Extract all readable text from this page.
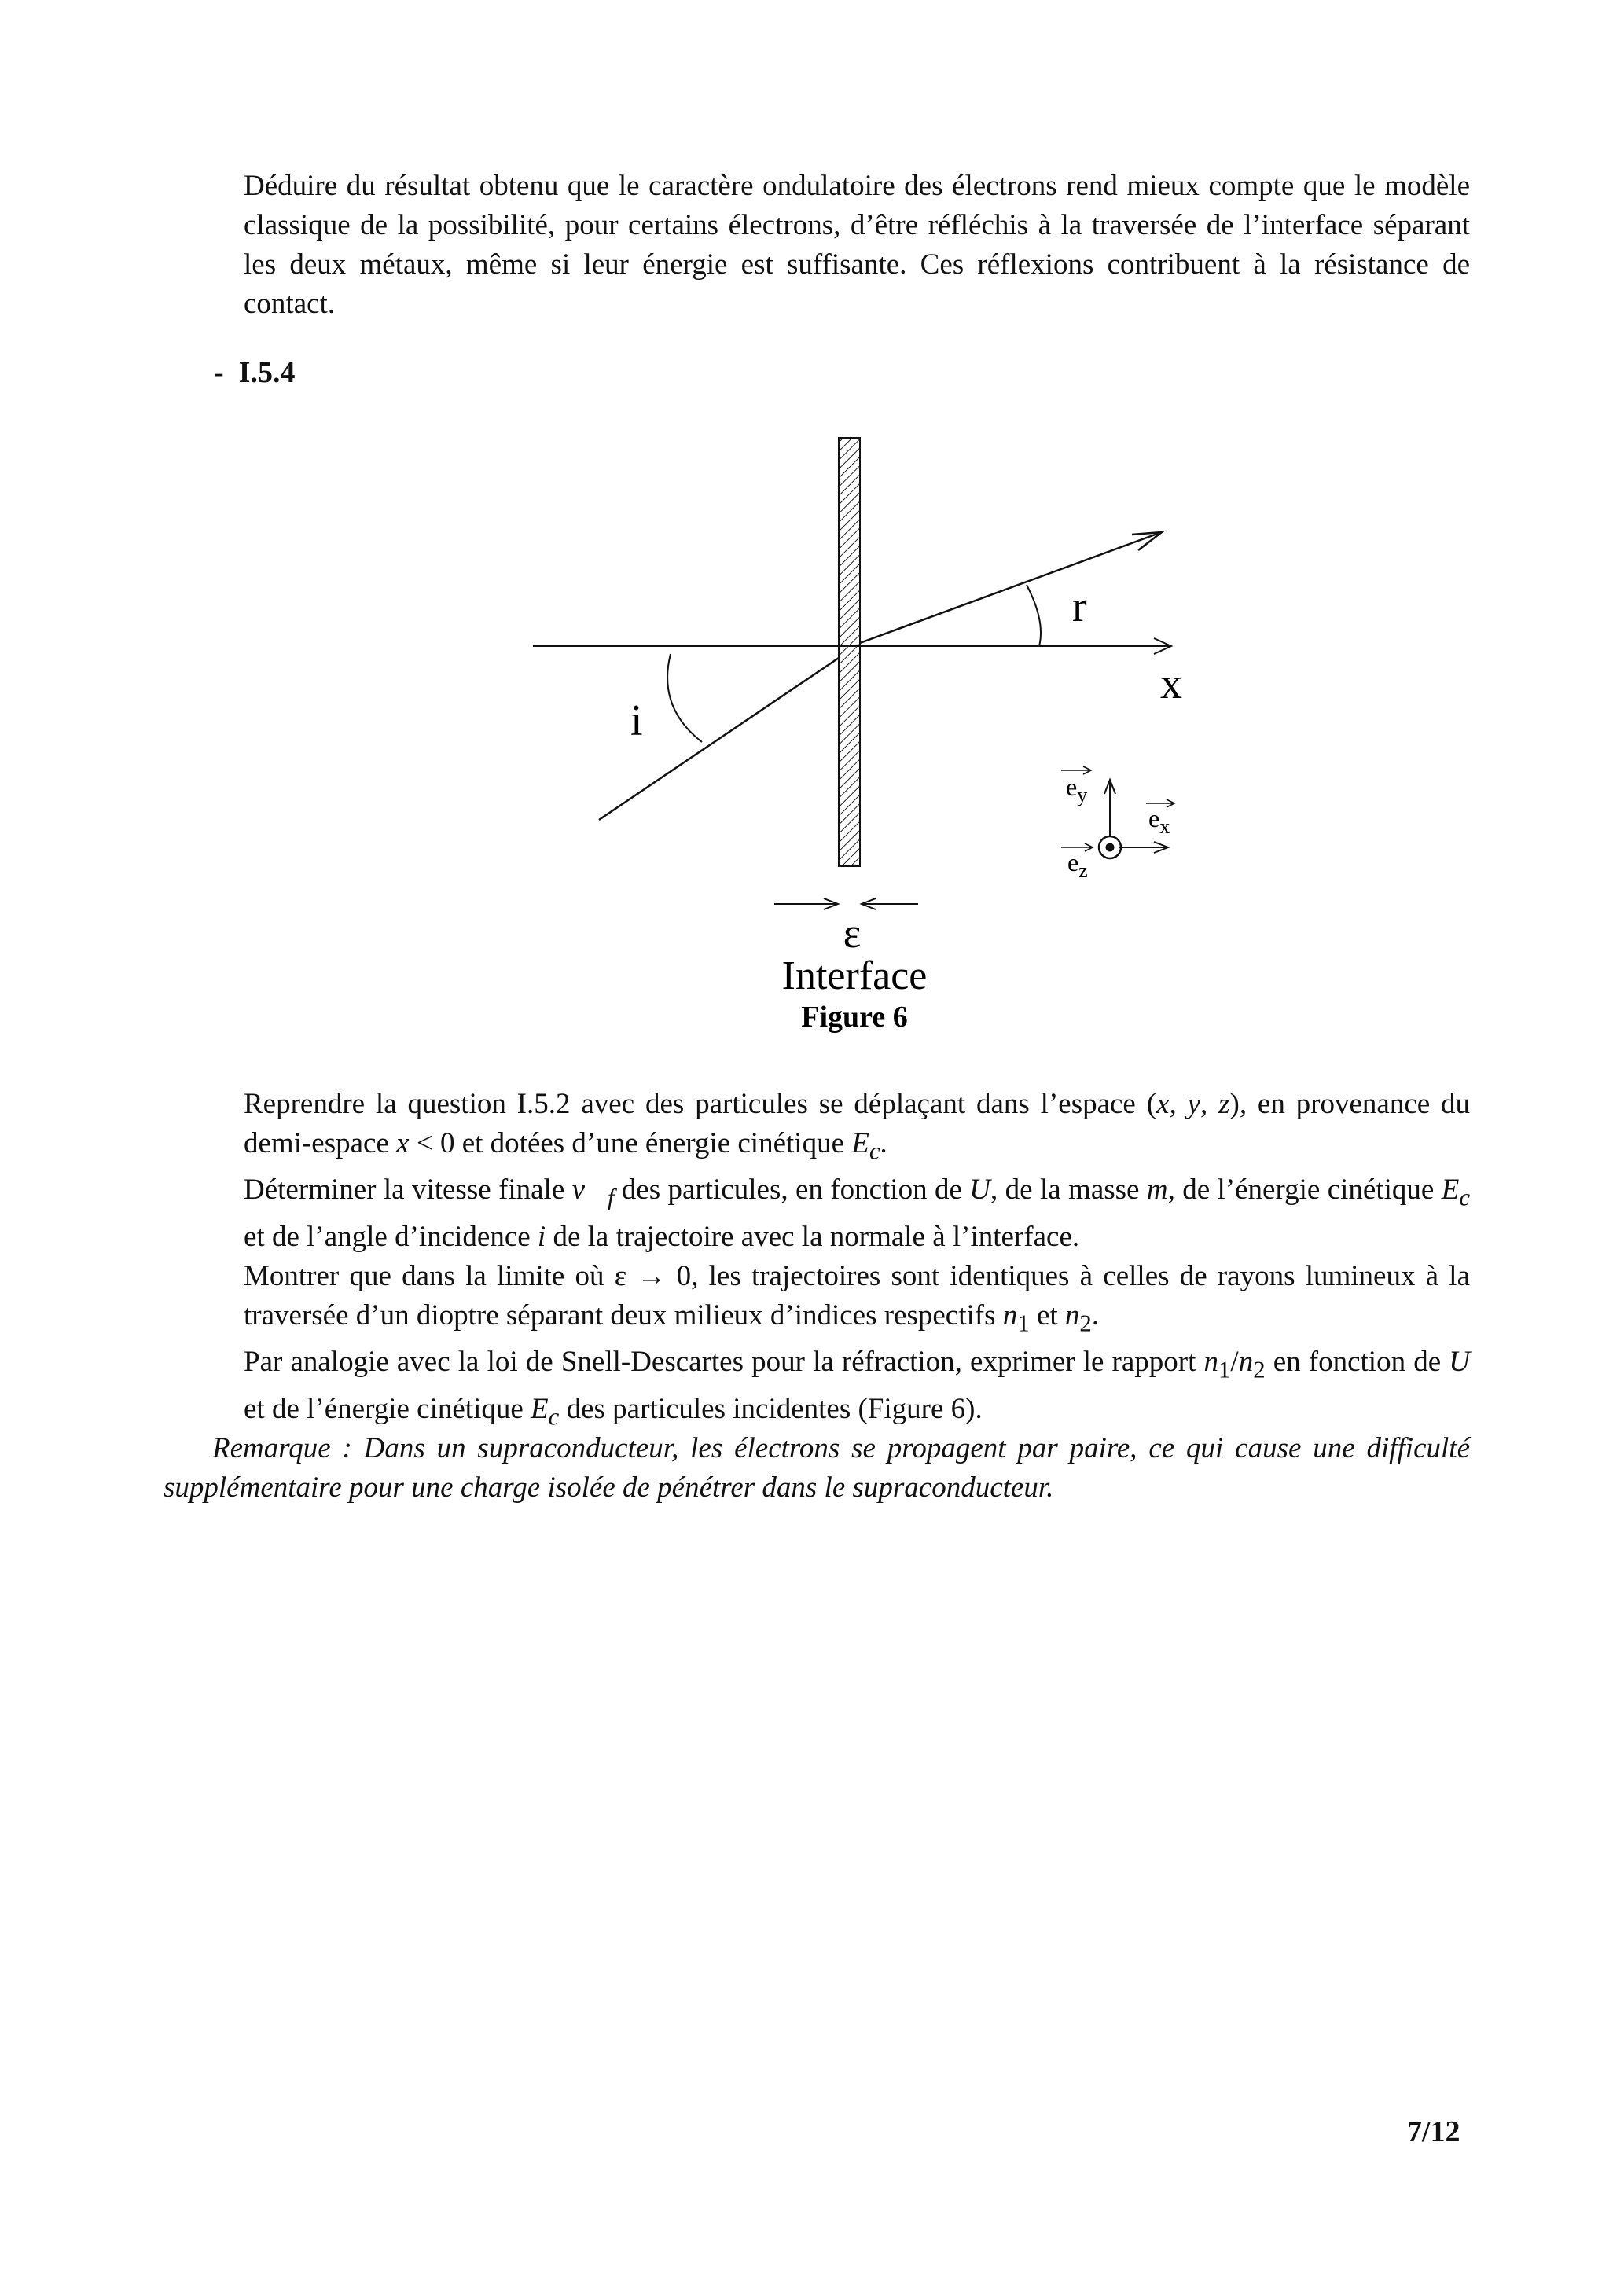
Déduire du résultat obtenu que le caractère ondulatoire des électrons rend mieux compte que le modèle classique de la possibilité, pour certains électrons, d’être réfléchis à la traversée de l’interface séparant les deux métaux, même si leur énergie est suffisante. Ces réflexions contribuent à la résistance de contact.

- I.5.4
r
x
i
$e_y$
$e_x$
$e_z$
ε
Interface
Figure 6

Reprendre la question I.5.2 avec des particules se déplaçant dans l’espace (x, y, z), en provenance du demi-espace x < 0 et dotées d’une énergie cinétique $E_c$.

Déterminer la vitesse finale $v⃗_f$ des particules, en fonction de U, de la masse m, de l’énergie cinétique $E_c$ et de l’angle d’incidence i de la trajectoire avec la normale à l’interface.

Montrer que dans la limite où ε → 0, les trajectoires sont identiques à celles de rayons lumineux à la traversée d’un dioptre séparant deux milieux d’indices respectifs $n_1$ et $n_2$.

Par analogie avec la loi de Snell-Descartes pour la réfraction, exprimer le rapport $n_1/n_2$ en fonction de U et de l’énergie cinétique $E_c$ des particules incidentes (Figure 6).

Remarque : Dans un supraconducteur, les électrons se propagent par paire, ce qui cause une difficulté supplémentaire pour une charge isolée de pénétrer dans le supraconducteur.
7/12
